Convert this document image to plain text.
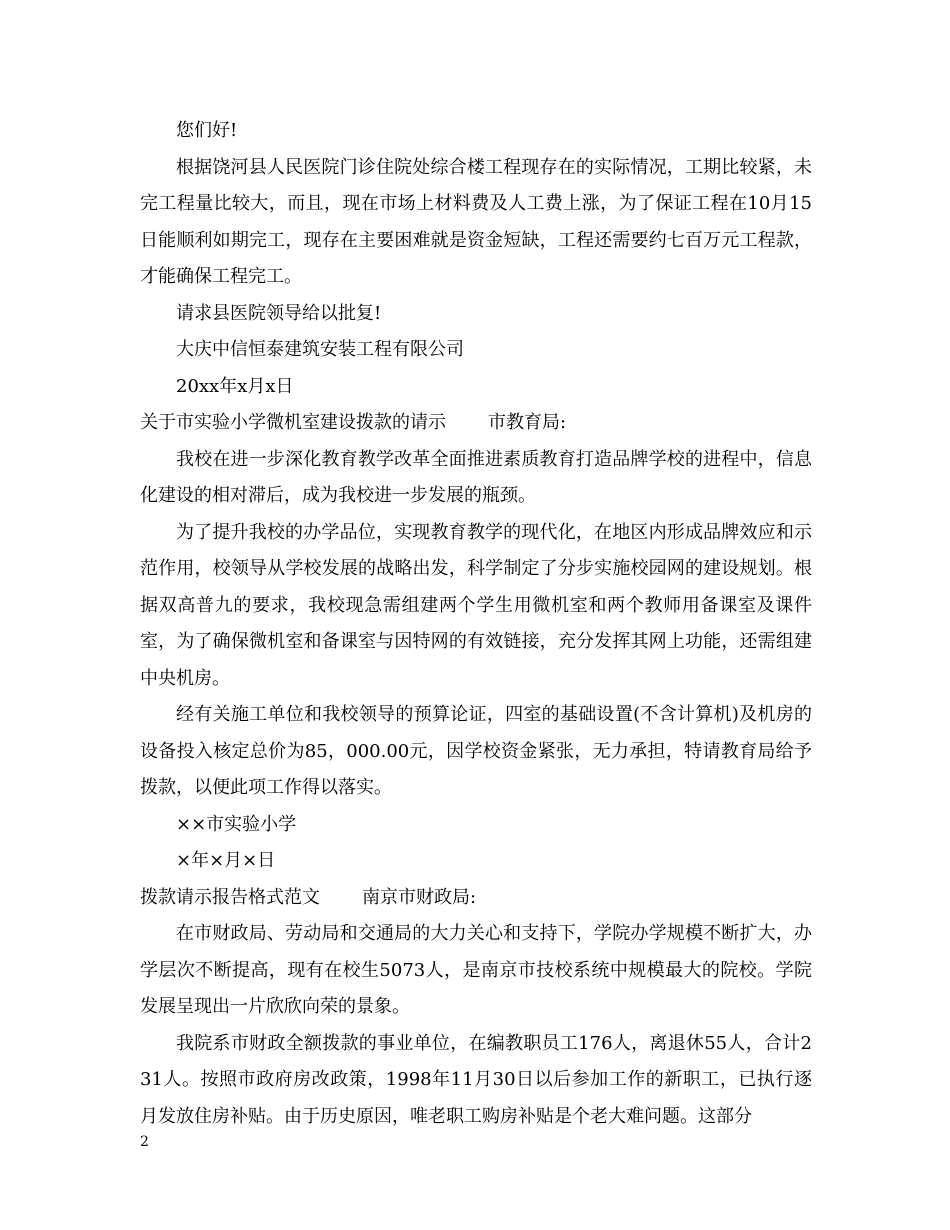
您们好!

根据饶河县人民医院门诊住院处综合楼工程现存在的实际情况，工期比较紧，未完工程量比较大，而且，现在市场上材料费及人工费上涨，为了保证工程在10月15日能顺利如期完工，现存在主要困难就是资金短缺，工程还需要约七百万元工程款，才能确保工程完工。

请求县医院领导给以批复!

大庆中信恒泰建筑安装工程有限公司

20xx年x月x日

关于市实验小学微机室建设拨款的请示 市教育局:

我校在进一步深化教育教学改革全面推进素质教育打造品牌学校的进程中，信息化建设的相对滞后，成为我校进一步发展的瓶颈。

为了提升我校的办学品位，实现教育教学的现代化，在地区内形成品牌效应和示范作用，校领导从学校发展的战略出发，科学制定了分步实施校园网的建设规划。根据双高普九的要求，我校现急需组建两个学生用微机室和两个教师用备课室及课件室，为了确保微机室和备课室与因特网的有效链接，充分发挥其网上功能，还需组建中央机房。

经有关施工单位和我校领导的预算论证，四室的基础设置(不含计算机)及机房的设备投入核定总价为85，000.00元，因学校资金紧张，无力承担，特请教育局给予拨款，以便此项工作得以落实。

××市实验小学

×年×月×日

拨款请示报告格式范文 南京市财政局:

在市财政局、劳动局和交通局的大力关心和支持下，学院办学规模不断扩大，办学层次不断提高，现有在校生5073人，是南京市技校系统中规模最大的院校。学院发展呈现出一片欣欣向荣的景象。

我院系市财政全额拨款的事业单位，在编教职员工176人，离退休55人，合计231人。按照市政府房改政策，1998年11月30日以后参加工作的新职工，已执行逐月发放住房补贴。由于历史原因，唯老职工购房补贴是个老大难问题。这部分

2
